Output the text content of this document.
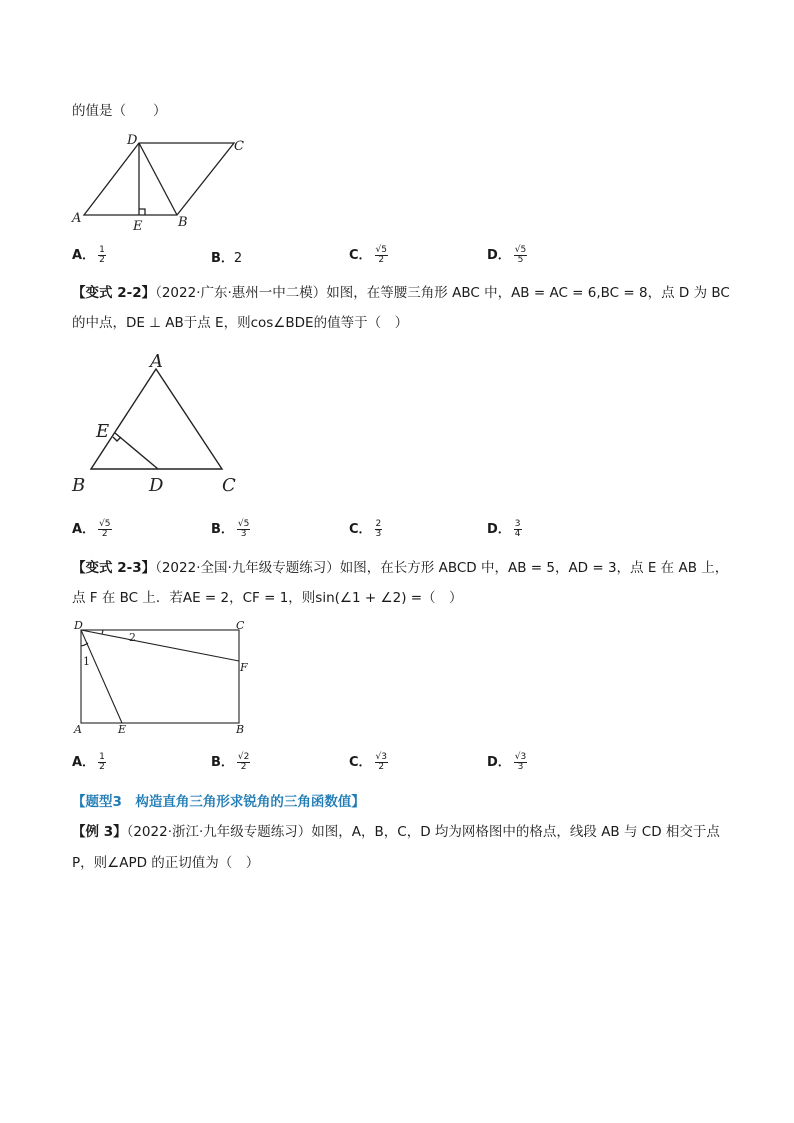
的值是（　　）
A	B
C
D
E
A． $\frac{1}{2}$	B．2	C． $\frac{√5}{2}$	D． $\frac{√5}{5}$
【变式 2-2】（2022·广东·惠州一中二模）如图，在等腰三角形 ABC 中，AB = AC = 6,BC = 8，点 D 为 BC
的中点，DE ⊥ AB于点 E，则cos∠BDE的值等于（　）
A
B	C
D
E
A． $\frac{√5}{2}$	B． $\frac{√5}{3}$	C． $\frac{2}{3}$	D． $\frac{3}{4}$
【变式 2-3】（2022·全国·九年级专题练习）如图，在长方形 ABCD 中，AB = 5，AD = 3，点 E 在 AB 上，
点 F 在 BC 上．若AE = 2，CF = 1，则sin(∠1 + ∠2) =（　）
D	C
A	B
E
F
1
2
A． $\frac{1}{2}$	B． $\frac{√2}{2}$	C． $\frac{√3}{2}$	D． $\frac{√3}{3}$
【题型3　构造直角三角形求锐角的三角函数值】
【例 3】（2022·浙江·九年级专题练习）如图，A，B，C，D 均为网格图中的格点，线段 AB 与 CD 相交于点
P，则∠APD 的正切值为（　）
